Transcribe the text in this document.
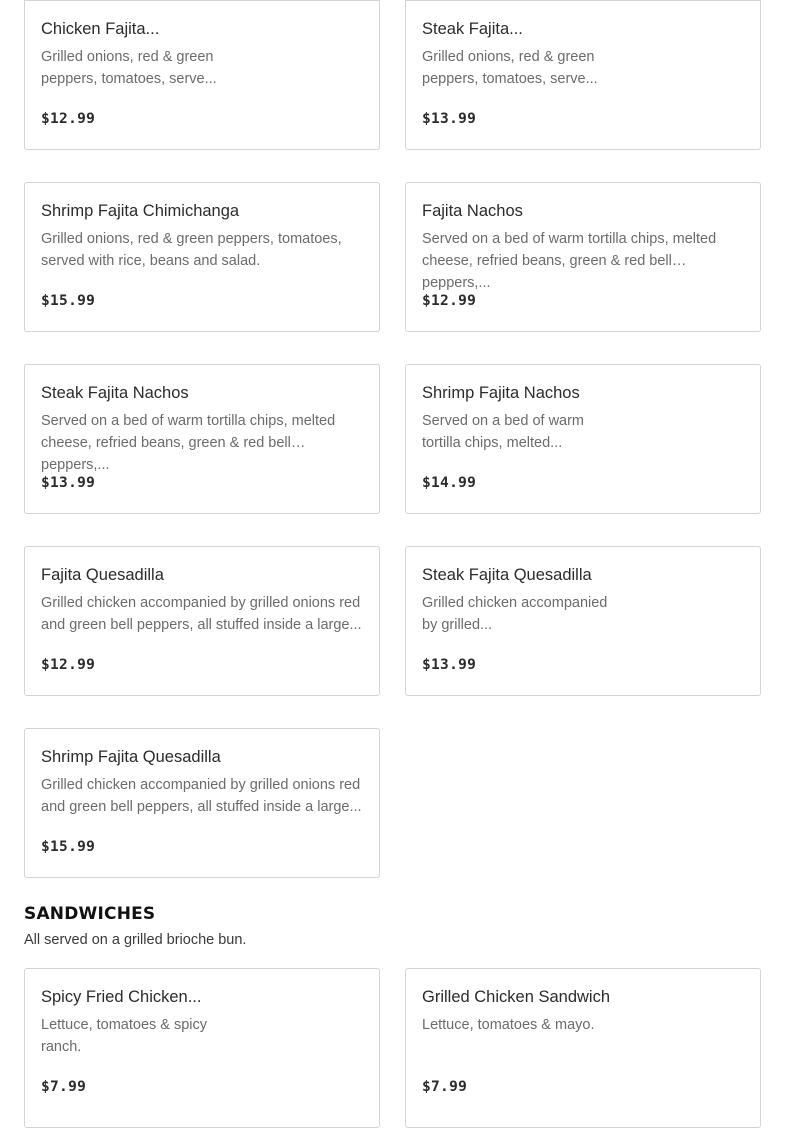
Chicken Fajita...
Grilled onions, red & green peppers, tomatoes, serve...
$12.99
Steak Fajita...
Grilled onions, red & green peppers, tomatoes, serve...
$13.99
Shrimp Fajita Chimichanga
Grilled onions, red & green peppers, tomatoes, served with rice, beans and salad.
$15.99
Fajita Nachos
Served on a bed of warm tortilla chips, melted cheese, refried beans, green & red bell peppers,...
$12.99
Steak Fajita Nachos
Served on a bed of warm tortilla chips, melted cheese, refried beans, green & red bell peppers,...
$13.99
Shrimp Fajita Nachos
Served on a bed of warm tortilla chips, melted...
$14.99
Fajita Quesadilla
Grilled chicken accompanied by grilled onions red and green bell peppers, all stuffed inside a large...
$12.99
Steak Fajita Quesadilla
Grilled chicken accompanied by grilled...
$13.99
Shrimp Fajita Quesadilla
Grilled chicken accompanied by grilled onions red and green bell peppers, all stuffed inside a large...
$15.99
SANDWICHES
All served on a grilled brioche bun.
Spicy Fried Chicken...
Lettuce, tomatoes & spicy ranch.
$7.99
Grilled Chicken Sandwich
Lettuce, tomatoes & mayo.
$7.99
